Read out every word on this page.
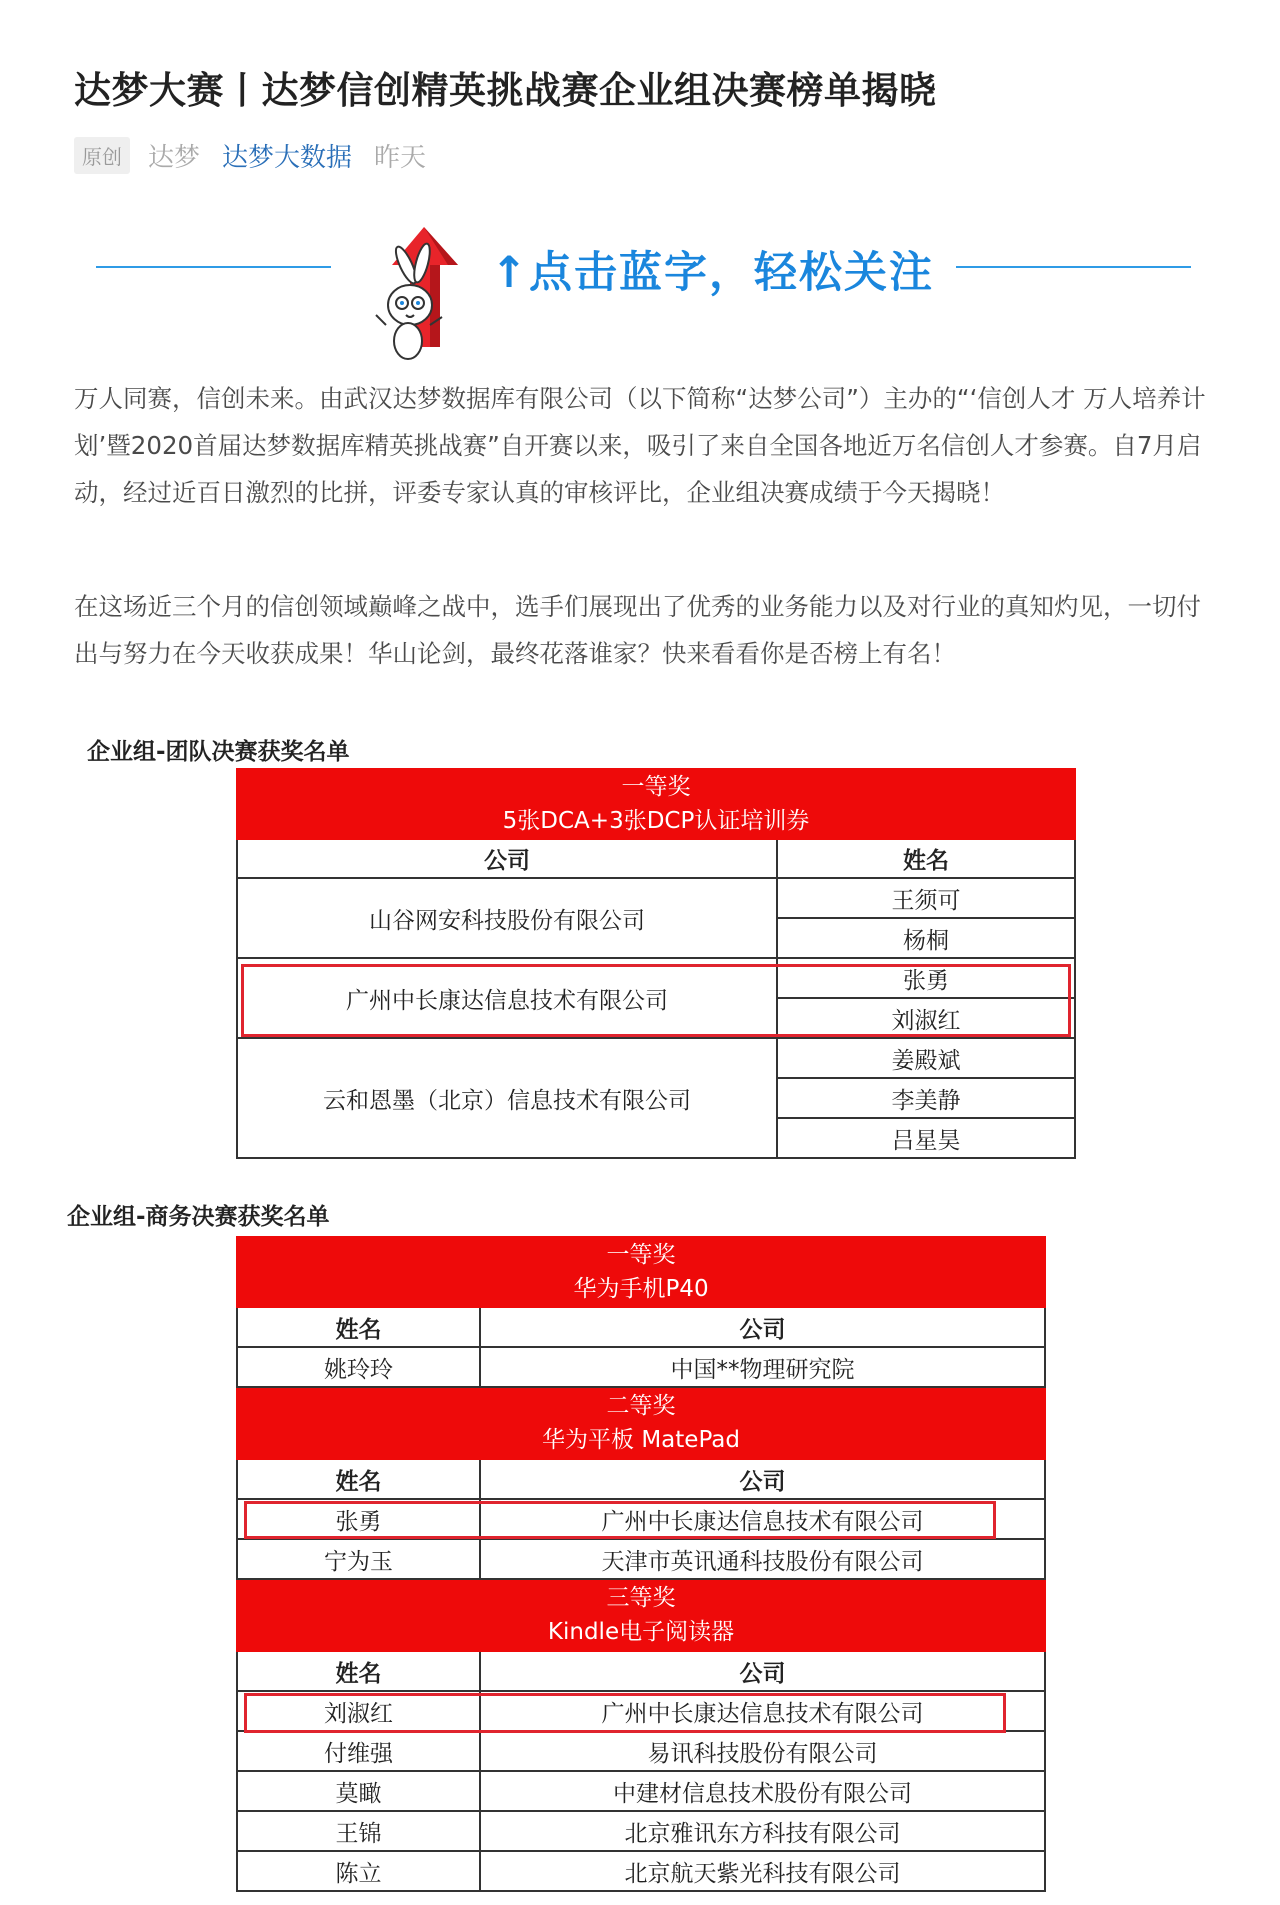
达梦大赛丨达梦信创精英挑战赛企业组决赛榜单揭晓
原创	达梦 达梦大数据 昨天
↑点击蓝字，轻松关注

万人同赛，信创未来。由武汉达梦数据库有限公司（以下简称“达梦公司”）主办的“‘信创人才 万人培养计划’暨2020首届达梦数据库精英挑战赛”自开赛以来，吸引了来自全国各地近万名信创人才参赛。自7月启动，经过近百日激烈的比拼，评委专家认真的审核评比，企业组决赛成绩于今天揭晓！

在这场近三个月的信创领域巅峰之战中，选手们展现出了优秀的业务能力以及对行业的真知灼见，一切付出与努力在今天收获成果！华山论剑，最终花落谁家？快来看看你是否榜上有名！

企业组-团队决赛获奖名单
一等奖
5张DCA+3张DCP认证培训券	

公司	姓名
山谷网安科技股份有限公司	王须可
	杨桐
广州中长康达信息技术有限公司	张勇
	刘淑红
云和恩墨（北京）信息技术有限公司	姜殿斌
	李美静
	吕星昊
企业组-商务决赛获奖名单
一等奖
华为手机P40	

姓名	公司
姚玲玲	中国**物理研究院

二等奖
华为平板 MatePad	

姓名	公司
张勇	广州中长康达信息技术有限公司
宁为玉	天津市英讯通科技股份有限公司

三等奖
Kindle电子阅读器	

姓名	公司
刘淑红	广州中长康达信息技术有限公司
付维强	易讯科技股份有限公司
莫瞰	中建材信息技术股份有限公司
王锦	北京雅讯东方科技有限公司
陈立	北京航天紫光科技有限公司
